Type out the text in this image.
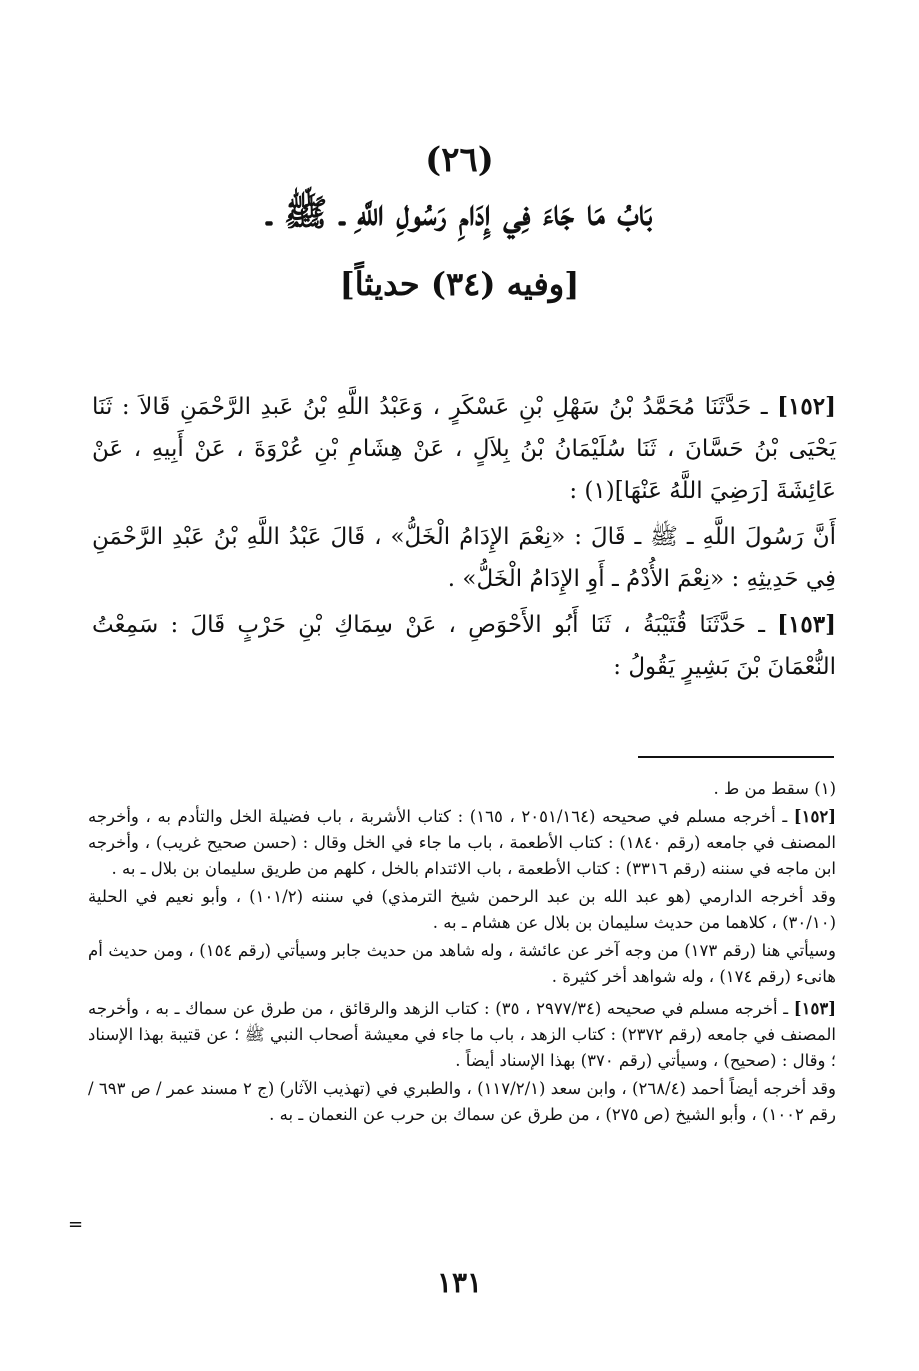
(٢٦)
بَابُ مَا جَاءَ فِي إِدَامِ رَسُولِ اللَّهِ ـ ﷺ ـ
[وفيه (٣٤) حديثاً]

[١٥٢] ـ حَدَّثَنَا مُحَمَّدُ بْنُ سَهْلِ بْنِ عَسْكَرٍ ، وَعَبْدُ اللَّهِ بْنُ عَبدِ الرَّحْمَنِ قَالاَ : ثَنَا يَحْيَى بْنُ حَسَّانَ ، ثَنَا سُلَيْمَانُ بْنُ بِلاَلٍ ، عَنْ هِشَامِ بْنِ عُرْوَةَ ، عَنْ أَبِيهِ ، عَنْ عَائِشَةَ [رَضِيَ اللَّهُ عَنْهَا](١) :

أَنَّ رَسُولَ اللَّهِ ـ ﷺ ـ قَالَ : «نِعْمَ الإِدَامُ الْخَلُّ» ، قَالَ عَبْدُ اللَّهِ بْنُ عَبْدِ الرَّحْمَنِ فِي حَدِيثِهِ : «نِعْمَ الأُدْمُ ـ أَوِ الإِدَامُ الْخَلُّ» .

[١٥٣] ـ حَدَّثَنَا قُتَيْبَةُ ، ثَنَا أَبُو الأَحْوَصِ ، عَنْ سِمَاكِ بْنِ حَرْبٍ قَالَ : سَمِعْتُ النُّعْمَانَ بْنَ بَشِيرٍ يَقُولُ :

(١) سقط من ط .

[١٥٢] ـ أخرجه مسلم في صحيحه (٢٠٥١/١٦٤ ، ١٦٥) : كتاب الأشربة ، باب فضيلة الخل والتأدم به ، وأخرجه المصنف في جامعه (رقم ١٨٤٠) : كتاب الأطعمة ، باب ما جاء في الخل وقال : (حسن صحيح غريب) ، وأخرجه ابن ماجه في سننه (رقم ٣٣١٦) : كتاب الأطعمة ، باب الائتدام بالخل ، كلهم من طريق سليمان بن بلال ـ به .

وقد أخرجه الدارمي (هو عبد الله بن عبد الرحمن شيخ الترمذي) في سننه (١٠١/٢) ، وأبو نعيم في الحلية (٣٠/١٠) ، كلاهما من حديث سليمان بن بلال عن هشام ـ به .

وسيأتي هنا (رقم ١٧٣) من وجه آخر عن عائشة ، وله شاهد من حديث جابر وسيأتي (رقم ١٥٤) ، ومن حديث أم هانىء (رقم ١٧٤) ، وله شواهد أخر كثيرة .

[١٥٣] ـ أخرجه مسلم في صحيحه (٢٩٧٧/٣٤ ، ٣٥) : كتاب الزهد والرقائق ، من طرق عن سماك ـ به ، وأخرجه المصنف في جامعه (رقم ٢٣٧٢) : كتاب الزهد ، باب ما جاء في معيشة أصحاب النبي ﷺ ؛ عن قتيبة بهذا الإسناد ؛ وقال : (صحيح) ، وسيأتي (رقم ٣٧٠) بهذا الإسناد أيضاً .

وقد أخرجه أيضاً أحمد (٢٦٨/٤) ، وابن سعد (١١٧/٢/١) ، والطبري في (تهذيب الآثار) (ج ٢ مسند عمر / ص ٦٩٣ / رقم ١٠٠٢) ، وأبو الشيخ (ص ٢٧٥) ، من طرق عن سماك بن حرب عن النعمان ـ به .

=
١٣١
